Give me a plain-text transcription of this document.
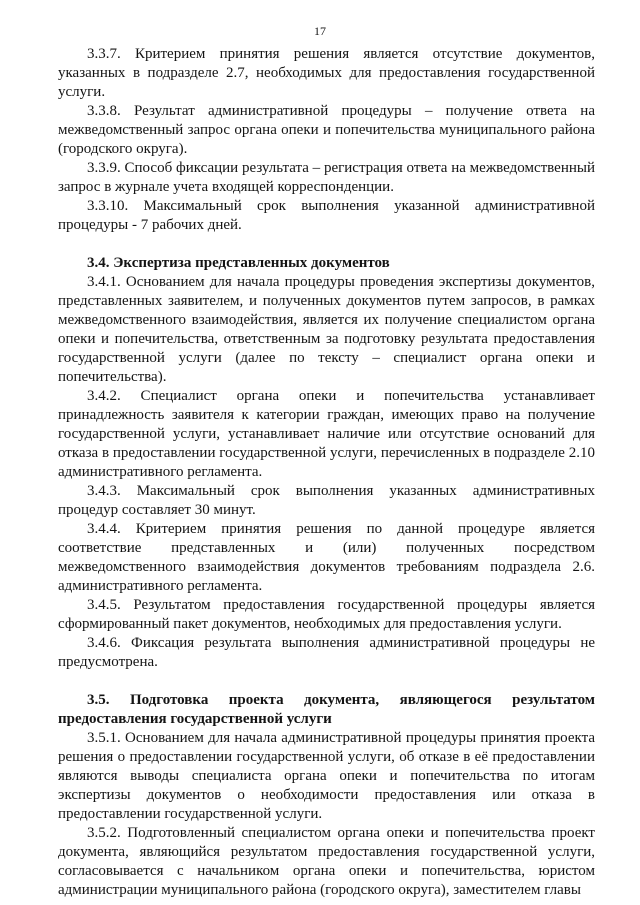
17

3.3.7. Критерием принятия решения является отсутствие документов, указанных в подразделе 2.7, необходимых для предоставления государственной услуги.

3.3.8. Результат административной процедуры – получение ответа на межведомственный запрос органа опеки и попечительства муниципального района (городского округа).

3.3.9. Способ фиксации результата – регистрация ответа на межведомственный запрос в журнале учета входящей корреспонденции.

3.3.10. Максимальный срок выполнения указанной административной процедуры - 7 рабочих дней.

3.4. Экспертиза представленных документов

3.4.1. Основанием для начала процедуры проведения экспертизы документов, представленных заявителем, и полученных документов путем запросов, в рамках межведомственного взаимодействия, является их получение специалистом органа опеки и попечительства, ответственным за подготовку результата предоставления государственной услуги (далее по тексту – специалист органа опеки и попечительства).

3.4.2. Специалист органа опеки и попечительства устанавливает принадлежность заявителя к категории граждан, имеющих право на получение государственной услуги, устанавливает наличие или отсутствие оснований для отказа в предоставлении государственной услуги, перечисленных в подразделе 2.10 административного регламента.

3.4.3. Максимальный срок выполнения указанных административных процедур составляет 30 минут.

3.4.4. Критерием принятия решения по данной процедуре является соответствие представленных и (или) полученных посредством межведомственного взаимодействия документов требованиям подраздела 2.6. административного регламента.

3.4.5. Результатом предоставления государственной процедуры является сформированный пакет документов, необходимых для предоставления услуги.

3.4.6. Фиксация результата выполнения административной процедуры не предусмотрена.

3.5. Подготовка проекта документа, являющегося результатом предоставления государственной услуги

3.5.1. Основанием для начала административной процедуры принятия проекта решения о предоставлении государственной услуги, об отказе в её предоставлении являются выводы специалиста органа опеки и попечительства по итогам экспертизы документов о необходимости предоставления или отказа в предоставлении государственной услуги.

3.5.2. Подготовленный специалистом органа опеки и попечительства проект документа, являющийся результатом предоставления государственной услуги, согласовывается с начальником органа опеки и попечительства, юристом администрации муниципального района (городского округа), заместителем главы
